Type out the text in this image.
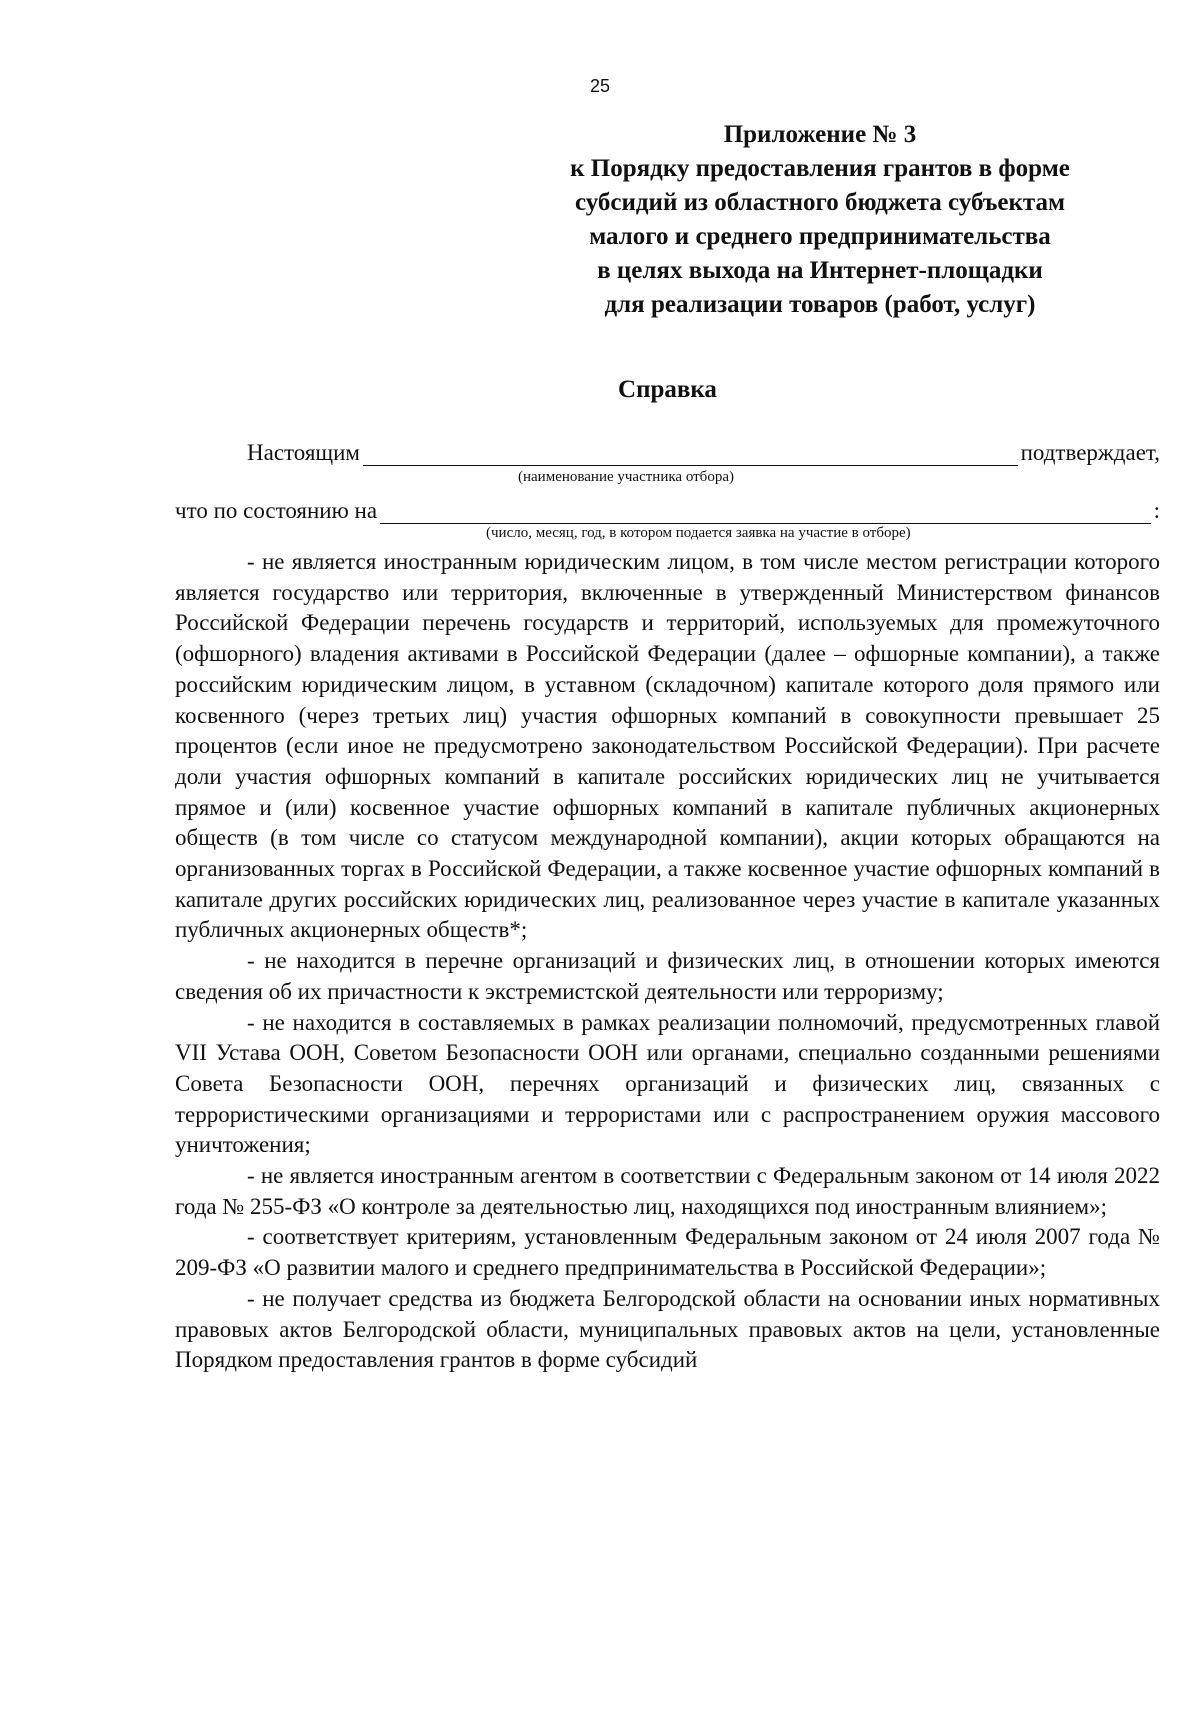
25
Приложение № 3
к Порядку предоставления грантов в форме
субсидий из областного бюджета субъектам
малого и среднего предпринимательства
в целях выхода на Интернет-площадки
для реализации товаров (работ, услуг)
Справка
Настоящим	подтверждает,
(наименование участника отбора)
что по состоянию на	:
(число, месяц, год, в котором подается заявка на участие в отборе)

- не является иностранным юридическим лицом, в том числе местом регистрации которого является государство или территория, включенные в утвержденный Министерством финансов Российской Федерации перечень государств и территорий, используемых для промежуточного (офшорного) владения активами в Российской Федерации (далее – офшорные компании), а также российским юридическим лицом, в уставном (складочном) капитале которого доля прямого или косвенного (через третьих лиц) участия офшорных компаний в совокупности превышает 25 процентов (если иное не предусмотрено законодательством Российской Федерации). При расчете доли участия офшорных компаний в капитале российских юридических лиц не учитывается прямое и (или) косвенное участие офшорных компаний в капитале публичных акционерных обществ (в том числе со статусом международной компании), акции которых обращаются на организованных торгах в Российской Федерации, а также косвенное участие офшорных компаний в капитале других российских юридических лиц, реализованное через участие в капитале указанных публичных акционерных обществ*;

- не находится в перечне организаций и физических лиц, в отношении которых имеются сведения об их причастности к экстремистской деятельности или терроризму;

- не находится в составляемых в рамках реализации полномочий, предусмотренных главой VII Устава ООН, Советом Безопасности ООН или органами, специально созданными решениями Совета Безопасности ООН, перечнях организаций и физических лиц, связанных с террористическими организациями и террористами или с распространением оружия массового уничтожения;

- не является иностранным агентом в соответствии с Федеральным законом от 14 июля 2022 года № 255-ФЗ «О контроле за деятельностью лиц, находящихся под иностранным влиянием»;

- соответствует критериям, установленным Федеральным законом от 24 июля 2007 года № 209-ФЗ «О развитии малого и среднего предпринимательства в Российской Федерации»;

- не получает средства из бюджета Белгородской области на основании иных нормативных правовых актов Белгородской области, муниципальных правовых актов на цели, установленные Порядком предоставления грантов в форме субсидий
